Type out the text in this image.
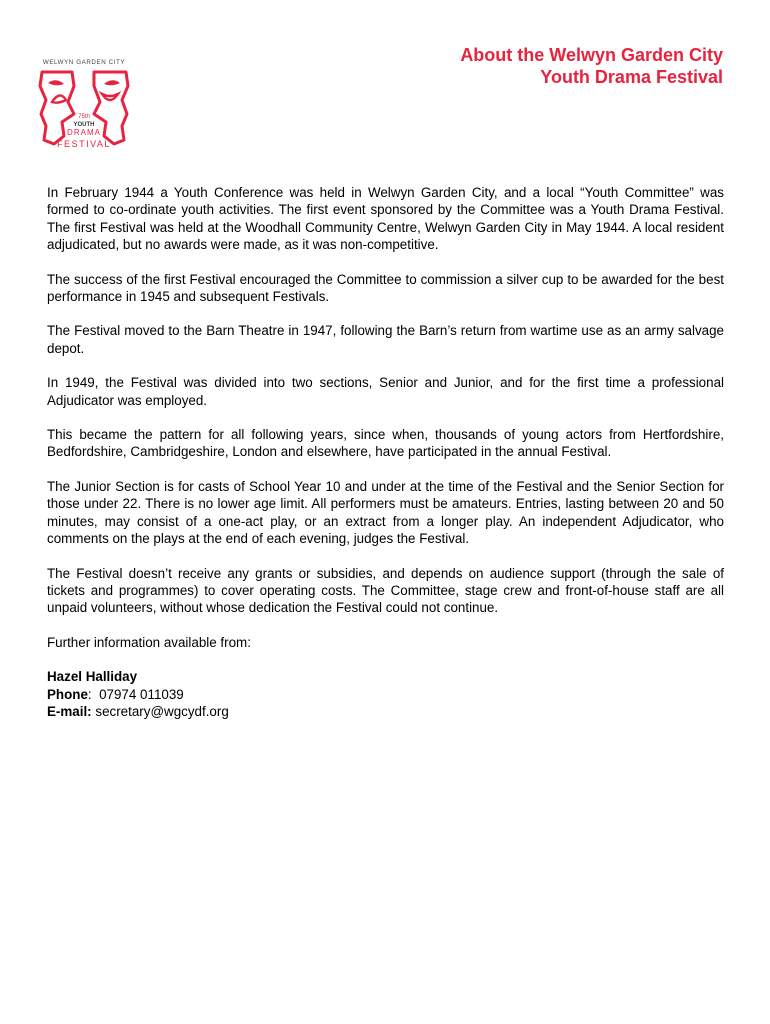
WELWYN GARDEN CITY
75th
YOUTH
DRAMA
FESTIVAL
About the Welwyn Garden City
Youth Drama Festival

In February 1944 a Youth Conference was held in Welwyn Garden City, and a local “Youth Committee” was formed to co-ordinate youth activities. The first event sponsored by the Committee was a Youth Drama Festival. The first Festival was held at the Woodhall Community Centre, Welwyn Garden City in May 1944. A local resident adjudicated, but no awards were made, as it was non-competitive.

The success of the first Festival encouraged the Committee to commission a silver cup to be awarded for the best performance in 1945 and subsequent Festivals.

The Festival moved to the Barn Theatre in 1947, following the Barn’s return from wartime use as an army salvage depot.

In 1949, the Festival was divided into two sections, Senior and Junior, and for the first time a professional Adjudicator was employed.

This became the pattern for all following years, since when, thousands of young actors from Hertfordshire, Bedfordshire, Cambridgeshire, London and elsewhere, have participated in the annual Festival.

The Junior Section is for casts of School Year 10 and under at the time of the Festival and the Senior Section for those under 22. There is no lower age limit. All performers must be amateurs. Entries, lasting between 20 and 50 minutes, may consist of a one-act play, or an extract from a longer play. An independent Adjudicator, who comments on the plays at the end of each evening, judges the Festival.

The Festival doesn’t receive any grants or subsidies, and depends on audience support (through the sale of tickets and programmes) to cover operating costs. The Committee, stage crew and front-of-house staff are all unpaid volunteers, without whose dedication the Festival could not continue.

Further information available from:

Hazel Halliday
Phone:  07974 011039
E-mail: secretary@wgcydf.org
